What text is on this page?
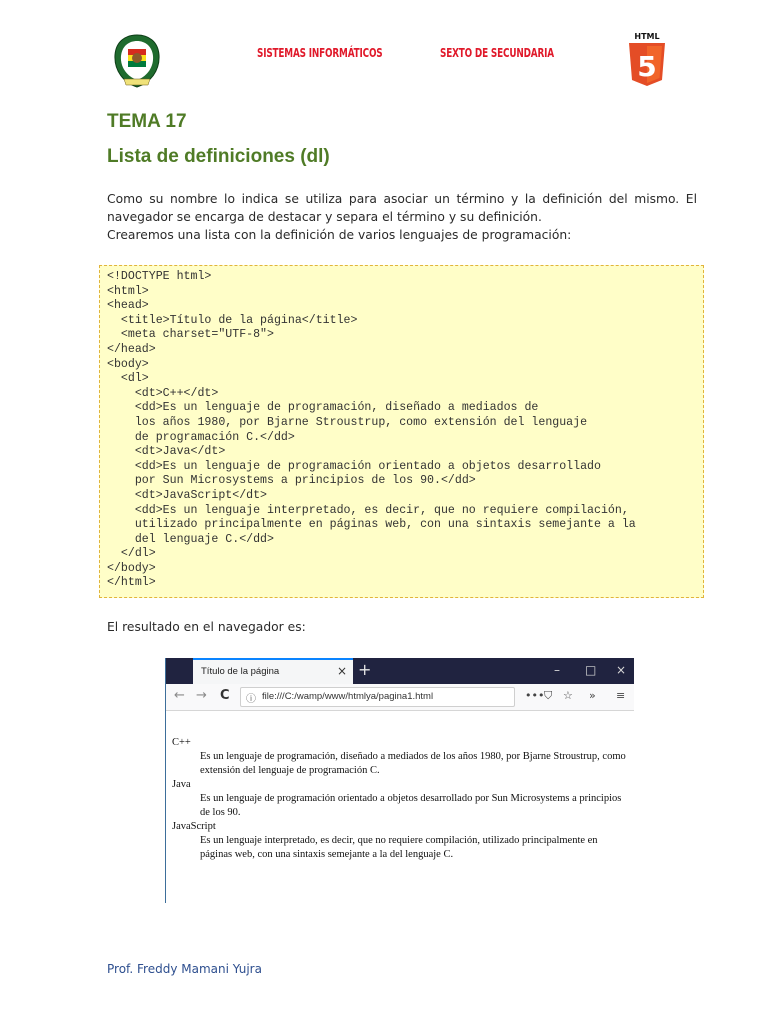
SISTEMAS INFORMÁTICOS	SEXTO DE SECUNDARIA
HTML
5
TEMA 17
Lista de definiciones (dl)

Como su nombre lo indica se utiliza para asociar un término y la definición del mismo. El navegador se encarga de destacar y separa el término y su definición.

Crearemos una lista con la definición de varios lenguajes de programación:

<!DOCTYPE html>
<html>
<head>
<title>Título de la página</title>
<meta charset="UTF-8">
</head>
<body>
<dl>
<dt>C++</dt>
<dd>Es un lenguaje de programación, diseñado a mediados de
los años 1980, por Bjarne Stroustrup, como extensión del lenguaje
de programación C.</dd>
<dt>Java</dt>
<dd>Es un lenguaje de programación orientado a objetos desarrollado
por Sun Microsystems a principios de los 90.</dd>
<dt>JavaScript</dt>
<dd>Es un lenguaje interpretado, es decir, que no requiere compilación,
utilizado principalmente en páginas web, con una sintaxis semejante a la
del lenguaje C.</dd>
</dl>
</body>
</html>

El resultado en el navegador es:

Título de la página	× +	– □ ×
← → C ⓘ file:///C:/wamp/www/htmlya/pagina1.html	••• ⛉ ☆ » ≡
C++
Es un lenguaje de programación, diseñado a mediados de los años 1980, por Bjarne Stroustrup, como extensión del lenguaje de programación C.
Java
Es un lenguaje de programación orientado a objetos desarrollado por Sun Microsystems a principios de los 90.
JavaScript
Es un lenguaje interpretado, es decir, que no requiere compilación, utilizado principalmente en páginas web, con una sintaxis semejante a la del lenguaje C.

Prof. Freddy Mamani Yujra
